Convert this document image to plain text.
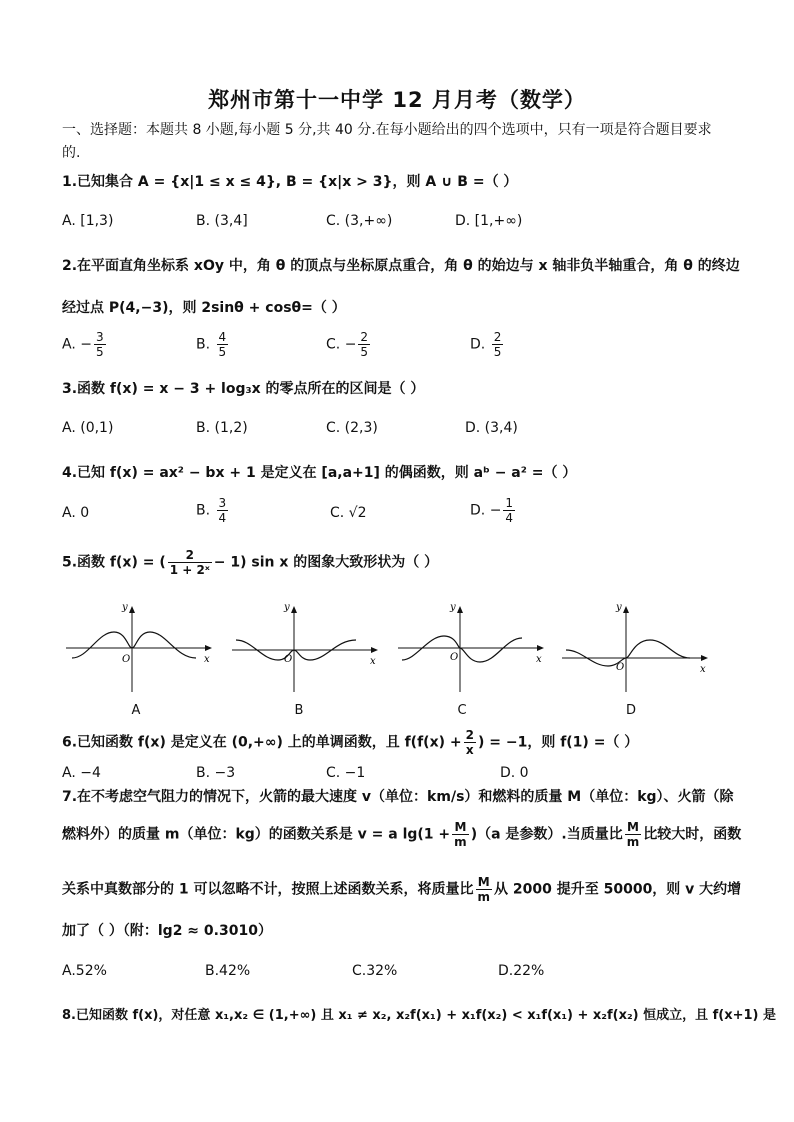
郑州市第十一中学 12 月月考（数学）
一、选择题：本题共 8 小题,每小题 5 分,共 40 分.在每小题给出的四个选项中，只有一项是符合题目要求
的.
1.已知集合 A = {x|1 ≤ x ≤ 4}, B = {x|x > 3}，则 A ∪ B =（ ）
A. [1,3)	B. (3,4]	C. (3,+∞)	D. [1,+∞)
2.在平面直角坐标系 xOy 中，角 θ 的顶点与坐标原点重合，角 θ 的始边与 x 轴非负半轴重合，角 θ 的终边
经过点 P(4,−3)，则 2sinθ + cosθ=（ ）
A. − $\frac{3}{5}$	B. $\frac{4}{5}$	C. − $\frac{2}{5}$	D. $\frac{2}{5}$
3.函数 f(x) = x − 3 + log₃x 的零点所在的区间是（ ）
A. (0,1)	B. (1,2)	C. (2,3)	D. (3,4)
4.已知 f(x) = ax² − bx + 1 是定义在 [a,a+1] 的偶函数，则 aᵇ − a² =（ ）
A. 0	B. $\frac{3}{4}$	C. √2	D. − $\frac{1}{4}$
5.函数 f(x) = ( $\frac{2}{\text{1 + 2ˣ}} - 1$) sin x 的图象大致形状为（ ）
y
O	x
A
y
O	x
B
y
O	x
C
y
O	x
D
6.已知函数 f(x) 是定义在 (0,+∞) 上的单调函数，且 $f(f(x) + \frac{2}{x}$ ) = −1，则 f(1) =（ ）
A. −4	B. −3	C. −1	D. 0
7.在不考虑空气阻力的情况下，火箭的最大速度 v（单位：km/s）和燃料的质量 M（单位：kg）、火箭（除
燃料外）的质量 m（单位：kg）的函数关系是 v = a $\lg(1 + \frac{M}{m} )(a$ 是参数）.当质量比 $\frac{M}{m}$ 比较大时，函数
关系中真数部分的 1 可以忽略不计，按照上述函数关系，将质量比 $\frac{M}{m}$ 从 2000 提升至 50000，则 v 大约增
加了（ ）（附：lg2 ≈ 0.3010）
A.52%	B.42%	C.32%	D.22%
8.已知函数 f(x)，对任意 x₁,x₂ ∈ (1,+∞) 且 x₁ ≠ x₂, x₂f(x₁) + x₁f(x₂) < x₁f(x₁) + x₂f(x₂) 恒成立，且 f(x+1) 是
